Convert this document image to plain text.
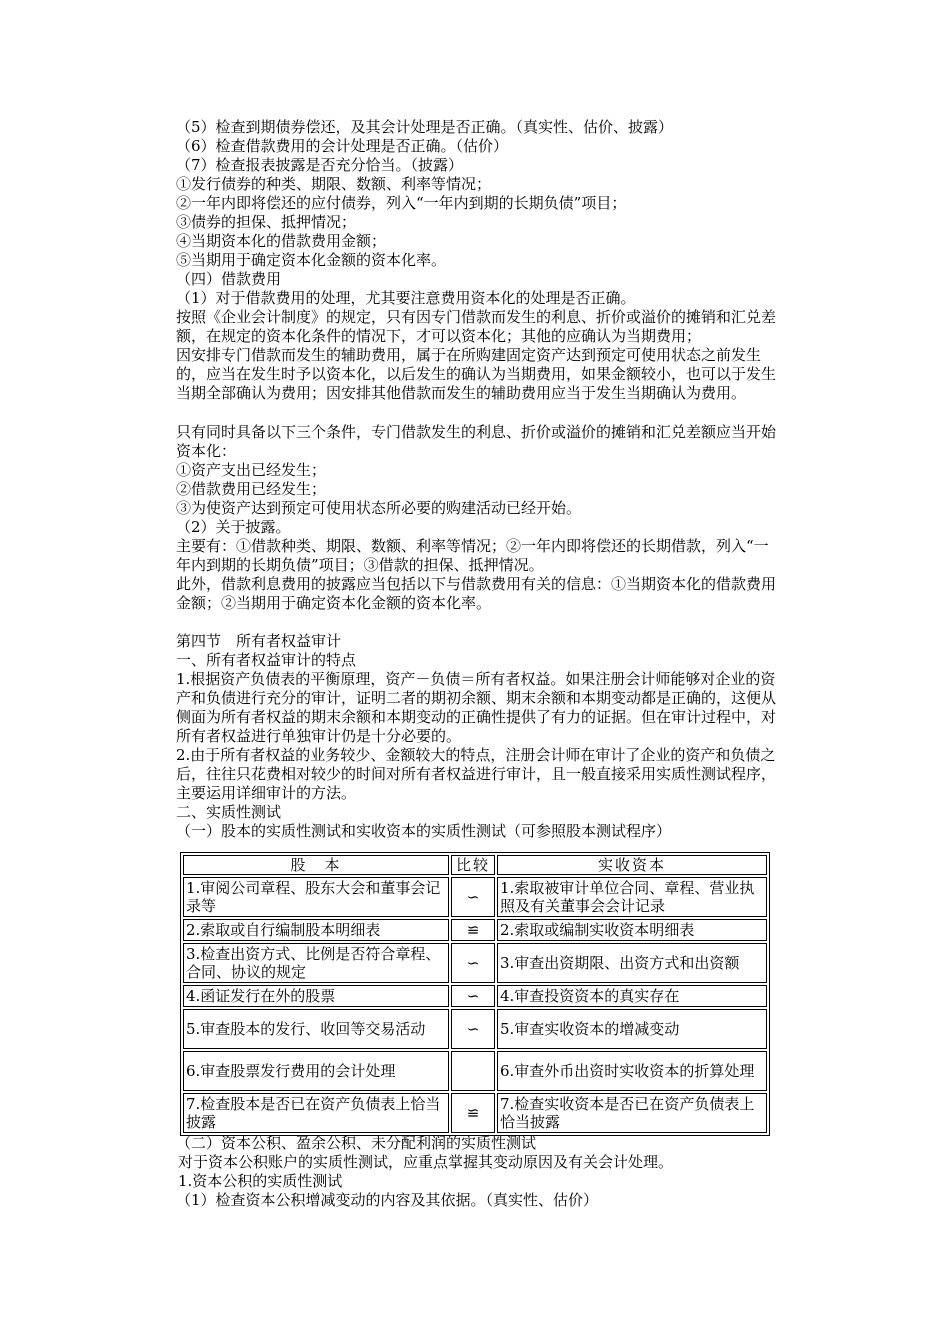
（5）检查到期债券偿还，及其会计处理是否正确。（真实性、估价、披露）
（6）检查借款费用的会计处理是否正确。（估价）
（7）检查报表披露是否充分恰当。（披露）
①发行债券的种类、期限、数额、利率等情况；
②一年内即将偿还的应付债券，列入“一年内到期的长期负债”项目；
③债券的担保、抵押情况；
④当期资本化的借款费用金额；
⑤当期用于确定资本化金额的资本化率。
（四）借款费用
（1）对于借款费用的处理，尤其要注意费用资本化的处理是否正确。
按照《企业会计制度》的规定，只有因专门借款而发生的利息、折价或溢价的摊销和汇兑差额，在规定的资本化条件的情况下，才可以资本化；其他的应确认为当期费用；
因安排专门借款而发生的辅助费用，属于在所购建固定资产达到预定可使用状态之前发生的，应当在发生时予以资本化，以后发生的确认为当期费用，如果金额较小，也可以于发生当期全部确认为费用；因安排其他借款而发生的辅助费用应当于发生当期确认为费用。
只有同时具备以下三个条件，专门借款发生的利息、折价或溢价的摊销和汇兑差额应当开始资本化：
①资产支出已经发生；
②借款费用已经发生；
③为使资产达到预定可使用状态所必要的购建活动已经开始。
（2）关于披露。
主要有：①借款种类、期限、数额、利率等情况；②一年内即将偿还的长期借款，列入“一年内到期的长期负债”项目；③借款的担保、抵押情况。
此外，借款利息费用的披露应当包括以下与借款费用有关的信息：①当期资本化的借款费用金额；②当期用于确定资本化金额的资本化率。
第四节　所有者权益审计
一、所有者权益审计的特点
1.根据资产负债表的平衡原理，资产－负债＝所有者权益。如果注册会计师能够对企业的资产和负债进行充分的审计，证明二者的期初余额、期末余额和本期变动都是正确的，这便从侧面为所有者权益的期末余额和本期变动的正确性提供了有力的证据。但在审计过程中，对所有者权益进行单独审计仍是十分必要的。
2.由于所有者权益的业务较少、金额较大的特点，注册会计师在审计了企业的资产和负债之后，往往只花费相对较少的时间对所有者权益进行审计，且一般直接采用实质性测试程序，主要运用详细审计的方法。
二、实质性测试
（一）股本的实质性测试和实收资本的实质性测试（可参照股本测试程序）
股　本	比较	实收资本
1.审阅公司章程、股东大会和董事会记录等	∽	1.索取被审计单位合同、章程、营业执照及有关董事会会计记录
2.索取或自行编制股本明细表	≌	2.索取或编制实收资本明细表
3.检查出资方式、比例是否符合章程、合同、协议的规定	∽	3.审查出资期限、出资方式和出资额
4.函证发行在外的股票	∽	4.审查投资资本的真实存在
5.审查股本的发行、收回等交易活动	∽	5.审查实收资本的增减变动
6.审查股票发行费用的会计处理		6.审查外币出资时实收资本的折算处理
7.检查股本是否已在资产负债表上恰当披露	≌	7.检查实收资本是否已在资产负债表上恰当披露
（二）资本公积、盈余公积、未分配利润的实质性测试
对于资本公积账户的实质性测试，应重点掌握其变动原因及有关会计处理。
1.资本公积的实质性测试
（1）检查资本公积增减变动的内容及其依据。（真实性、估价）
